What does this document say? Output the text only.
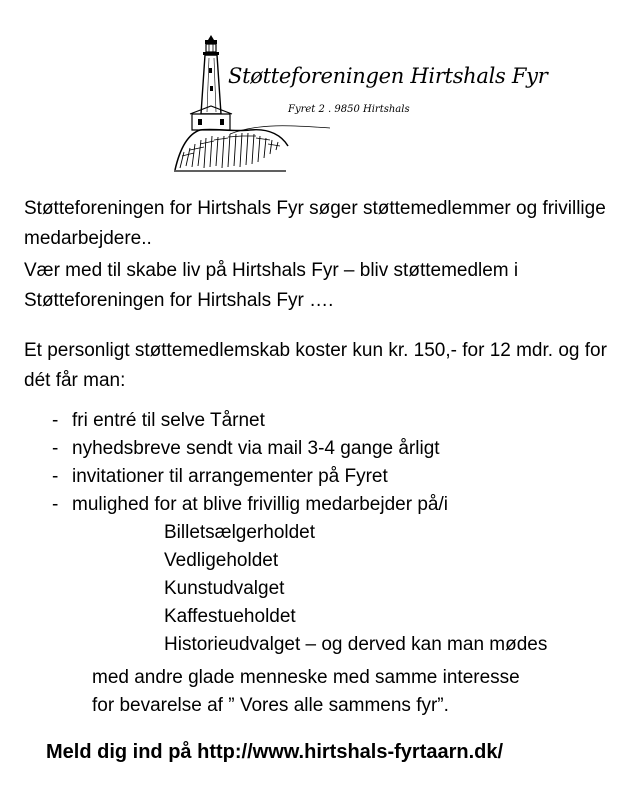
Støtteforeningen Hirtshals Fyr
Fyret 2 . 9850 Hirtshals

Støtteforeningen for Hirtshals Fyr søger støttemedlemmer og frivillige medarbejdere..

Vær med til skabe liv på Hirtshals Fyr – bliv støttemedlem i Støtteforeningen for Hirtshals Fyr ….

Et personligt støttemedlemskab koster kun kr. 150,- for 12 mdr. og for dét får man:

- fri entré til selve Tårnet
- nyhedsbreve sendt via mail 3-4 gange årligt
- invitationer til arrangementer på Fyret
- mulighed for at blive frivillig medarbejder på/i
Billetsælgerholdet
Vedligeholdet
Kunstudvalget
Kaffestueholdet
Historieudvalget – og derved kan man mødes
med andre glade menneske med samme interesse
for bevarelse af ” Vores alle sammens fyr”.

Meld dig ind på http://www.hirtshals-fyrtaarn.dk/
